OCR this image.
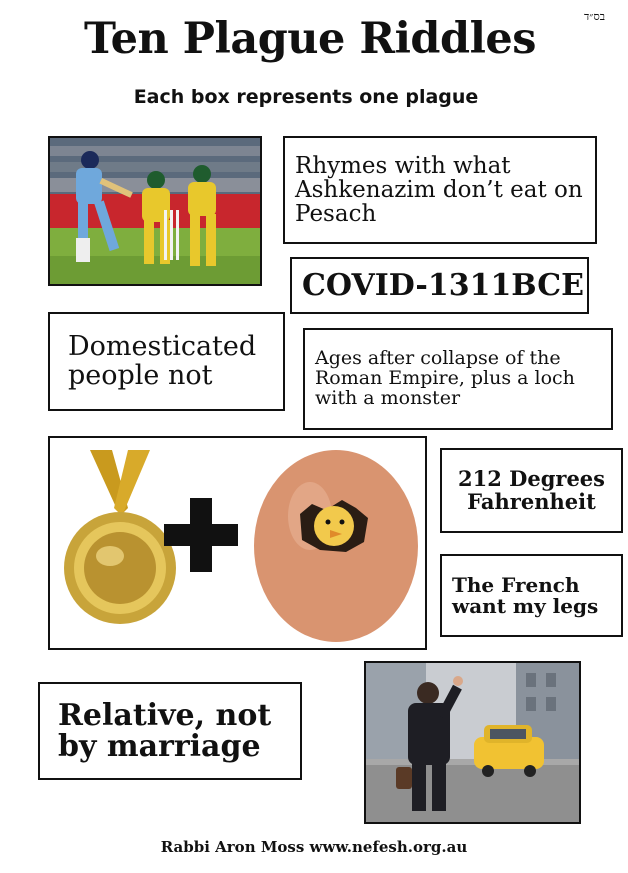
בס״ד
Ten Plague Riddles
Each box represents one plague
Rhymes with what Ashkenazim don’t eat on Pesach
COVID-1311BCE
Domesticated people not
Ages after collapse of the Roman Empire, plus a loch with a monster
212 Degrees Fahrenheit
The French want my legs
Relative, not by marriage
Rabbi Aron Moss www.nefesh.org.au
